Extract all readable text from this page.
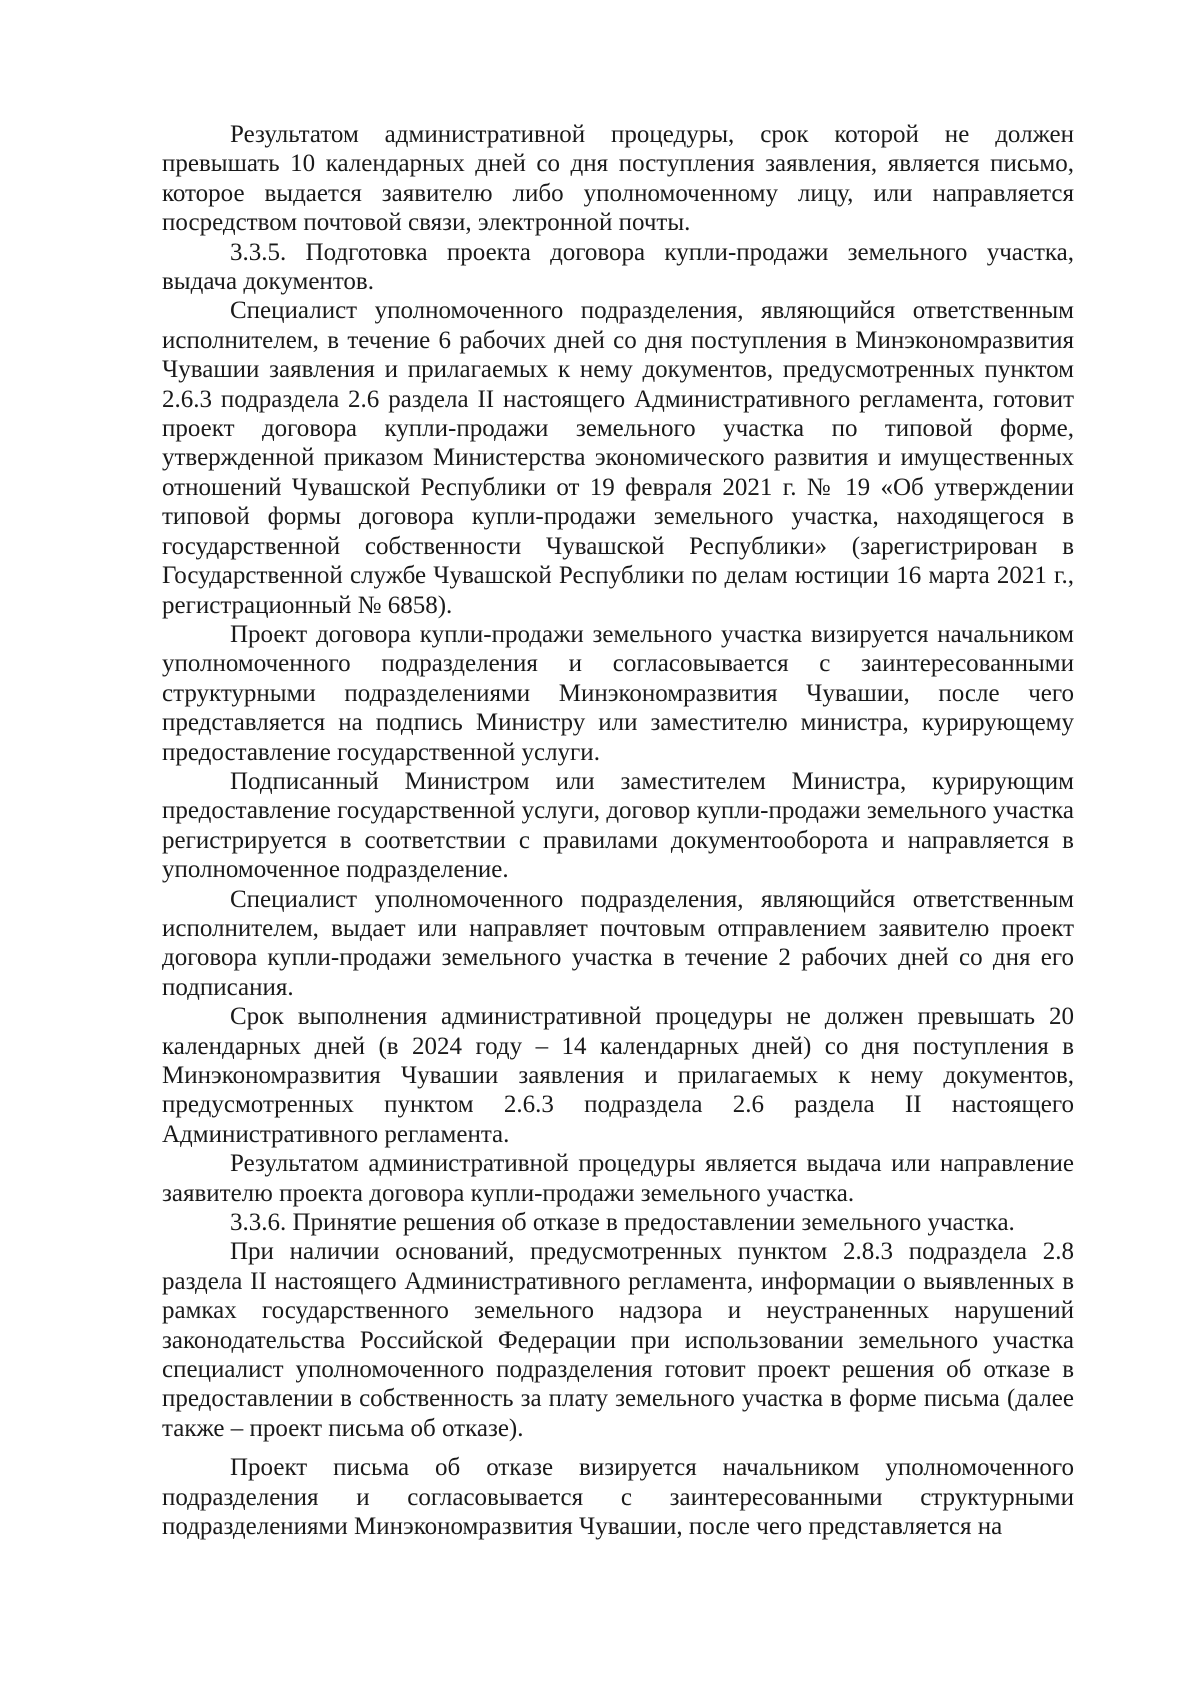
Результатом административной процедуры, срок которой не должен превышать 10 календарных дней со дня поступления заявления, является письмо, которое выдается заявителю либо уполномоченному лицу, или направляется посредством почтовой связи, электронной почты.

3.3.5. Подготовка проекта договора купли-продажи земельного участка, выдача документов.

Специалист уполномоченного подразделения, являющийся ответственным исполнителем, в течение 6 рабочих дней со дня поступления в Минэкономразвития Чувашии заявления и прилагаемых к нему документов, предусмотренных пунктом 2.6.3 подраздела 2.6 раздела II настоящего Административного регламента, готовит проект договора купли-продажи земельного участка по типовой форме, утвержденной приказом Министерства экономического развития и имущественных отношений Чувашской Республики от 19 февраля 2021 г. № 19 «Об утверждении типовой формы договора купли-продажи земельного участка, находящегося в государственной собственности Чувашской Республики» (зарегистрирован в Государственной службе Чувашской Республики по делам юстиции 16 марта 2021 г., регистрационный № 6858).

Проект договора купли-продажи земельного участка визируется начальником уполномоченного подразделения и согласовывается с заинтересованными структурными подразделениями Минэкономразвития Чувашии, после чего представляется на подпись Министру или заместителю министра, курирующему предоставление государственной услуги.

Подписанный Министром или заместителем Министра, курирующим предоставление государственной услуги, договор купли-продажи земельного участка регистрируется в соответствии с правилами документооборота и направляется в уполномоченное подразделение.

Специалист уполномоченного подразделения, являющийся ответственным исполнителем, выдает или направляет почтовым отправлением заявителю проект договора купли-продажи земельного участка в течение 2 рабочих дней со дня его подписания.

Срок выполнения административной процедуры не должен превышать 20 календарных дней (в 2024 году – 14 календарных дней) со дня поступления в Минэкономразвития Чувашии заявления и прилагаемых к нему документов, предусмотренных пунктом 2.6.3 подраздела 2.6 раздела II настоящего Административного регламента.

Результатом административной процедуры является выдача или направление заявителю проекта договора купли-продажи земельного участка.

3.3.6. Принятие решения об отказе в предоставлении земельного участка.

При наличии оснований, предусмотренных пунктом 2.8.3 подраздела 2.8 раздела II настоящего Административного регламента, информации о выявленных в рамках государственного земельного надзора и неустраненных нарушений законодательства Российской Федерации при использовании земельного участка специалист уполномоченного подразделения готовит проект решения об отказе в предоставлении в собственность за плату земельного участка в форме письма (далее также – проект письма об отказе).

Проект письма об отказе визируется начальником уполномоченного подразделения и согласовывается с заинтересованными структурными подразделениями Минэкономразвития Чувашии, после чего представляется на
